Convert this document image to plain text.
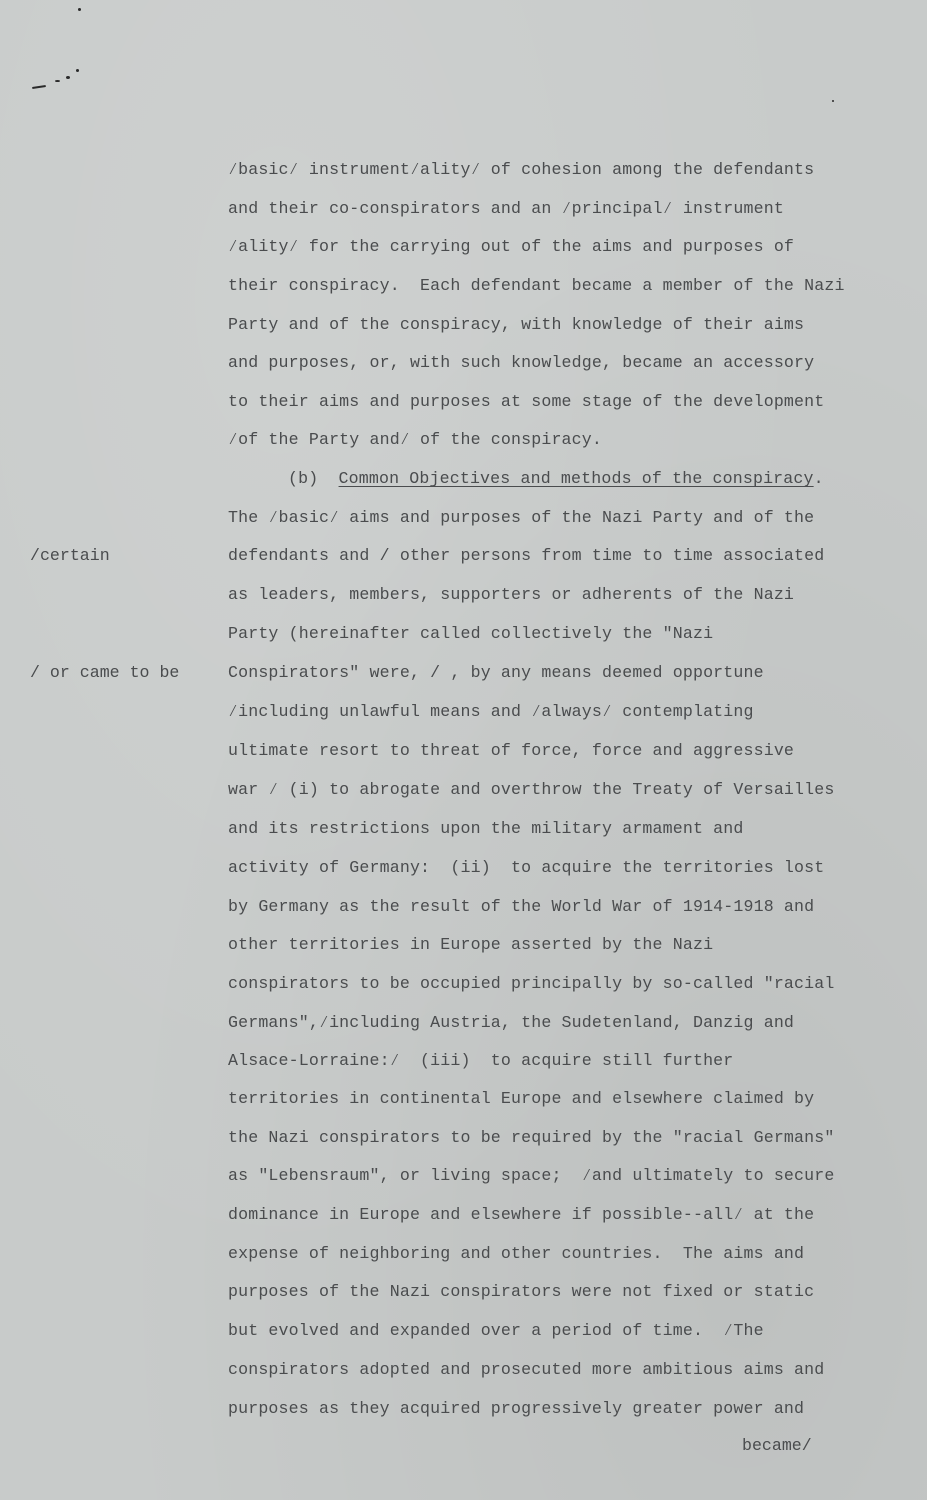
⁄basic⁄ instrument⁄ality⁄ of cohesion among the defendants
and their co-conspirators and an ⁄principal⁄ instrument
⁄ality⁄ for the carrying out of the aims and purposes of
their conspiracy.  Each defendant became a member of the Nazi
Party and of the conspiracy, with knowledge of their aims
and purposes, or, with such knowledge, became an accessory
to their aims and purposes at some stage of the development
⁄of the Party and⁄ of the conspiracy.
(b)  Common Objectives and methods of the conspiracy.
The ⁄basic⁄ aims and purposes of the Nazi Party and of the
defendants and / other persons from time to time associated
as leaders, members, supporters or adherents of the Nazi
Party (hereinafter called collectively the "Nazi
Conspirators" were, / , by any means deemed opportune
⁄including unlawful means and ⁄always⁄ contemplating
ultimate resort to threat of force, force and aggressive
war ⁄ (i) to abrogate and overthrow the Treaty of Versailles
and its restrictions upon the military armament and
activity of Germany:  (ii)  to acquire the territories lost
by Germany as the result of the World War of 1914-1918 and
other territories in Europe asserted by the Nazi
conspirators to be occupied principally by so-called "racial
Germans",⁄including Austria, the Sudetenland, Danzig and
Alsace-Lorraine:⁄  (iii)  to acquire still further
territories in continental Europe and elsewhere claimed by
the Nazi conspirators to be required by the "racial Germans"
as "Lebensraum", or living space;  ⁄and ultimately to secure
dominance in Europe and elsewhere if possible--all⁄ at the
expense of neighboring and other countries.  The aims and
purposes of the Nazi conspirators were not fixed or static
but evolved and expanded over a period of time.  ⁄The
conspirators adopted and prosecuted more ambitious aims and
purposes as they acquired progressively greater power and
/certain
/ or came to be
became/
